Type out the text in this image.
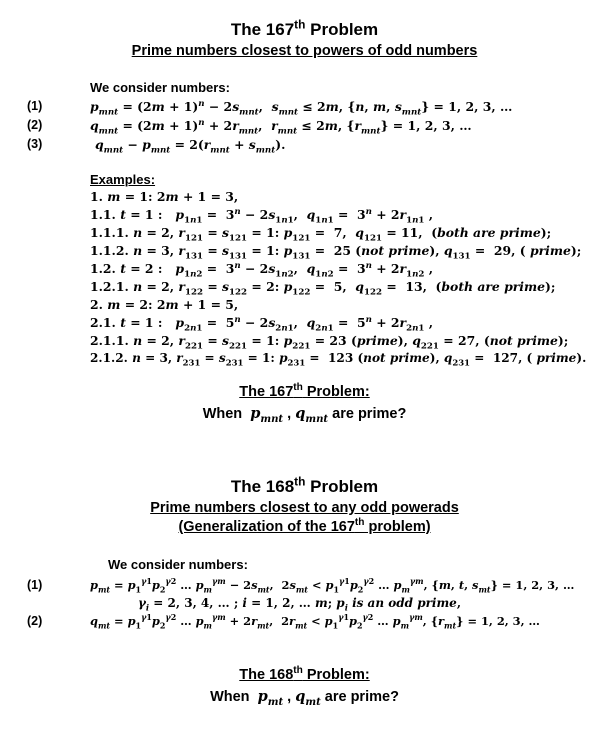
The 167th Problem
Prime numbers closest to powers of odd numbers
We consider numbers:
(1)
(2)
(3)
$p_{mnt} = (2m + 1)^n - 2s_{mnt}$,  $s_{mnt} \le 2m$, {n, m, $s_{mnt}\} = 1$, 2, 3, …
$q_{mnt} = (2m + 1)^n + 2r_{mnt}$,  $r_{mnt} \le 2m$, $\{r_{mnt}\} = 1$, 2, 3, …
$q_{mnt} - p_{mnt} = 2(r_{mnt} + s_{mnt})$.
Examples:
1. m = 1: 2m + 1 = 3,
1.1. t = 1 :   $p_{1n1} = 3^n - 2s_{1n1}$,  $q_{1n1} = 3^n + 2r_{1n1}$ ,
1.1.1. n = 2, $r_{121} = s_{121} = 1$: $p_{121} = 7$,  $q_{121} = 11$,  (both are prime);
1.1.2. n = 3, $r_{131} = s_{131} = 1$: $p_{131} = 25$ (not prime), $q_{131} = 29$, ( prime);
1.2. t = 2 :   $p_{1n2} = 3^n - 2s_{1n2}$,  $q_{1n2} = 3^n + 2r_{1n2}$ ,
1.2.1. n = 2, $r_{122} = s_{122} = 2$: $p_{122} = 5$,  $q_{122} = 13$,  (both are prime);
2. m = 2: 2m + 1 = 5,
2.1. t = 1 :   $p_{2n1} = 5^n - 2s_{2n1}$,  $q_{2n1} = 5^n + 2r_{2n1}$ ,
2.1.1. n = 2, $r_{221} = s_{221} = 1$: $p_{221} = 23$ (prime), $q_{221} = 27$, (not prime);
2.1.2. n = 3, $r_{231} = s_{231} = 1$: $p_{231} = 123$ (not prime), $q_{231} = 127$, ( prime).
The 167th Problem:
When  $p_{mnt}$ , $q_{mnt}$ are prime?
The 168th Problem
Prime numbers closest to any odd powerads
(Generalization of the 167th problem)
We consider numbers:
(1)
(2)
$p_{mt} = p_1^{\gamma 1}p_2^{\gamma 2}$ … $p_m^{\gamma m} - 2s_{mt}$,  $2s_{mt} < p_1^{\gamma 1}p_2^{\gamma 2}$ … $p_m^{\gamma m}$, {m, t, $s_{mt}\} = 1$, 2, 3, …
$\gamma_i = 2$, 3, 4, … ; i = 1, 2, … m; $p_i$ is an odd prime,
$q_{mt} = p_1^{\gamma 1}p_2^{\gamma 2}$ … $p_m^{\gamma m} + 2r_{mt}$,  $2r_{mt} < p_1^{\gamma 1}p_2^{\gamma 2}$ … $p_m^{\gamma m}$, $\{r_{mt}\} = 1$, 2, 3, …
The 168th Problem:
When  $p_{mt}$ , $q_{mt}$ are prime?
